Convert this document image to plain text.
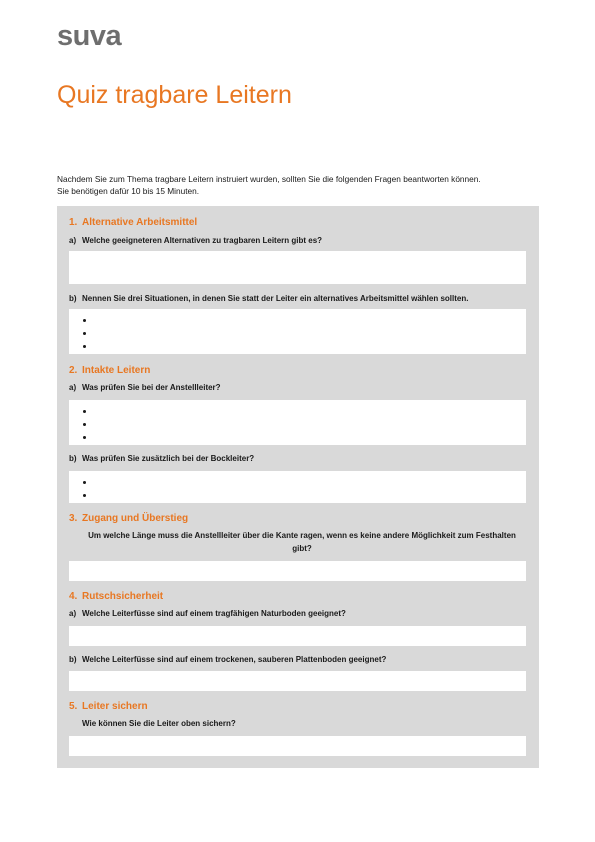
suva
Quiz tragbare Leitern

Nachdem Sie zum Thema tragbare Leitern instruiert wurden, sollten Sie die folgenden Fragen beantworten können.

Sie benötigen dafür 10 bis 15 Minuten.

1. Alternative Arbeitsmittel
a) Welche geeigneteren Alternativen zu tragbaren Leitern gibt es?
b) Nennen Sie drei Situationen, in denen Sie statt der Leiter ein alternatives Arbeitsmittel wählen sollten.
2. Intakte Leitern
a) Was prüfen Sie bei der Anstellleiter?
b) Was prüfen Sie zusätzlich bei der Bockleiter?
3. Zugang und Überstieg
Um welche Länge muss die Anstellleiter über die Kante ragen, wenn es keine andere Möglichkeit zum Festhalten gibt?
4. Rutschsicherheit
a) Welche Leiterfüsse sind auf einem tragfähigen Naturboden geeignet?
b) Welche Leiterfüsse sind auf einem trockenen, sauberen Plattenboden geeignet?
5. Leiter sichern
Wie können Sie die Leiter oben sichern?
